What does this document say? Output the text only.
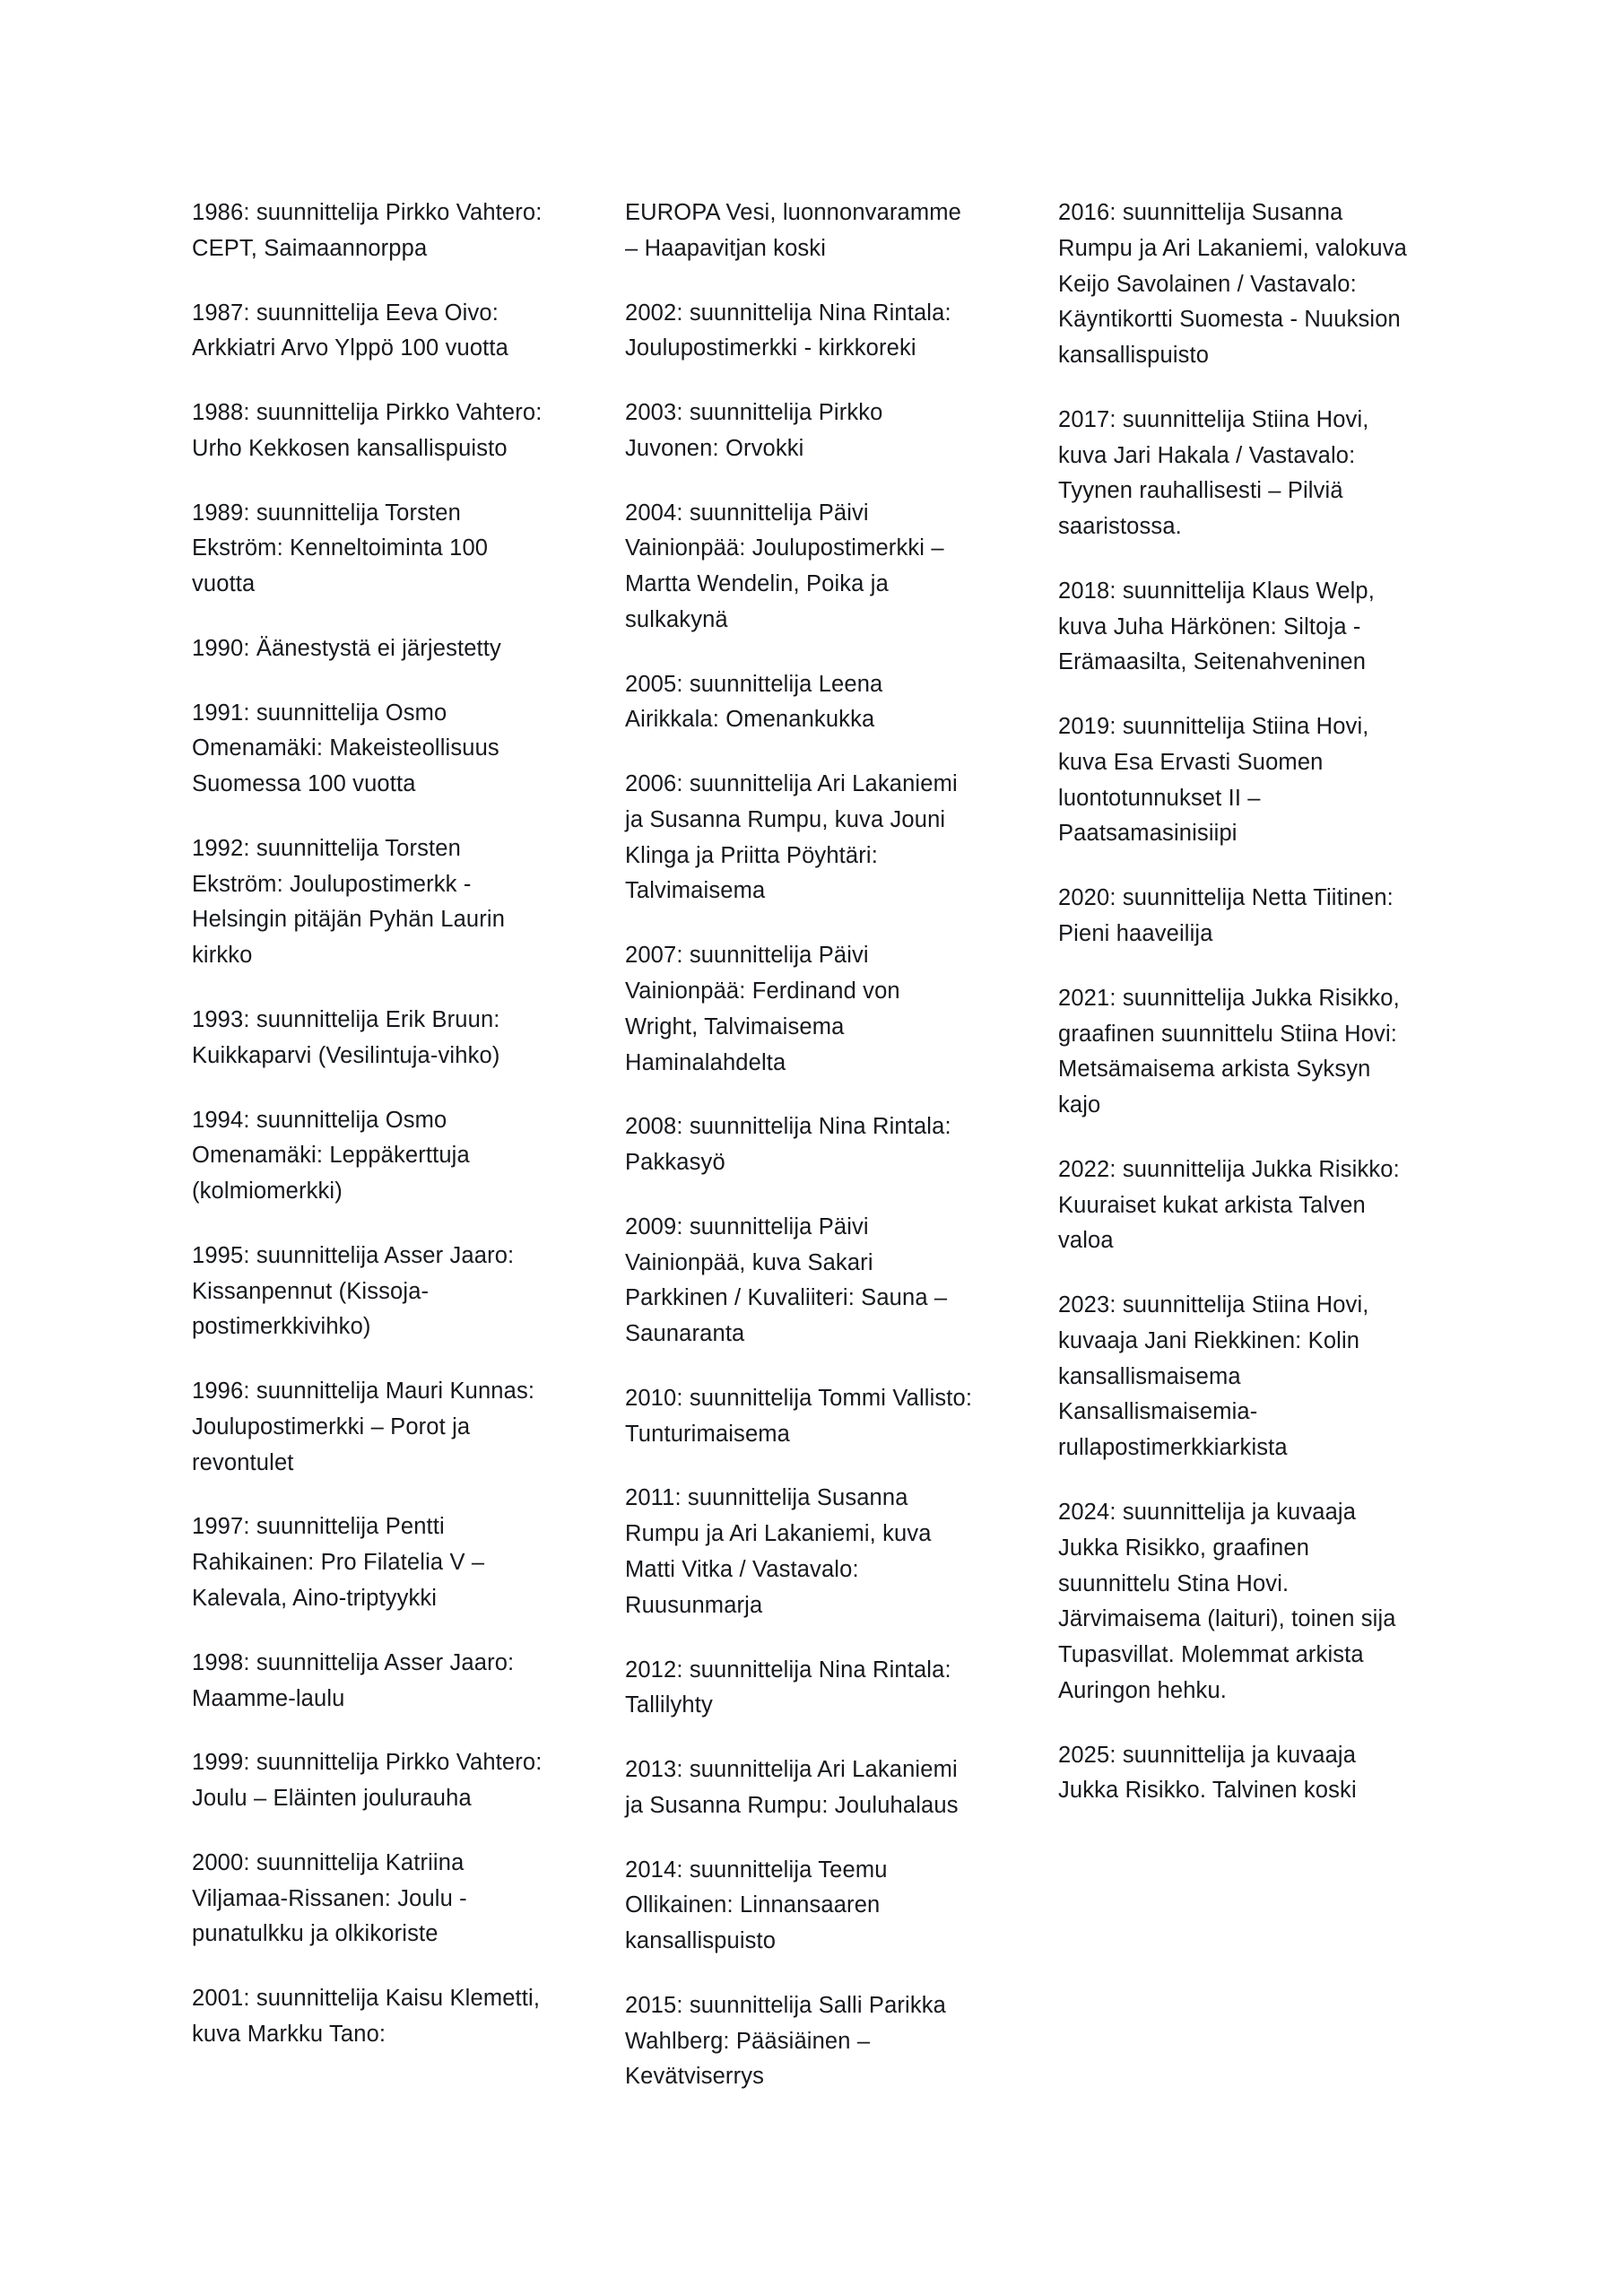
1986: suunnittelija Pirkko Vahtero: CEPT, Saimaannorppa

1987: suunnittelija Eeva Oivo: Arkkiatri Arvo Ylppö 100 vuotta

1988: suunnittelija Pirkko Vahtero: Urho Kekkosen kansallispuisto

1989: suunnittelija Torsten Ekström: Kenneltoiminta 100 vuotta

1990: Äänestystä ei järjestetty

1991: suunnittelija Osmo Omenamäki: Makeisteollisuus Suomessa 100 vuotta

1992: suunnittelija Torsten Ekström: Joulupostimerkk - Helsingin pitäjän Pyhän Laurin kirkko

1993: suunnittelija Erik Bruun: Kuikkaparvi (Vesilintuja-vihko)

1994: suunnittelija Osmo Omenamäki: Leppäkerttuja (kolmiomerkki)

1995: suunnittelija Asser Jaaro: Kissanpennut (Kissoja-postimerkkivihko)

1996: suunnittelija Mauri Kunnas: Joulupostimerkki – Porot ja revontulet

1997: suunnittelija Pentti Rahikainen: Pro Filatelia V – Kalevala, Aino-triptyykki

1998: suunnittelija Asser Jaaro: Maamme-laulu

1999: suunnittelija Pirkko Vahtero: Joulu – Eläinten joulurauha

2000: suunnittelija Katriina Viljamaa-Rissanen: Joulu - punatulkku ja olkikoriste

2001: suunnittelija Kaisu Klemetti, kuva Markku Tano:

EUROPA Vesi, luonnonvaramme – Haapavitjan koski

2002: suunnittelija Nina Rintala: Joulupostimerkki - kirkkoreki

2003: suunnittelija Pirkko Juvonen: Orvokki

2004: suunnittelija Päivi Vainionpää: Joulupostimerkki – Martta Wendelin, Poika ja sulkakynä

2005: suunnittelija Leena Airikkala: Omenankukka

2006: suunnittelija Ari Lakaniemi ja Susanna Rumpu, kuva Jouni Klinga ja Priitta Pöyhtäri: Talvimaisema

2007: suunnittelija Päivi Vainionpää: Ferdinand von Wright, Talvimaisema Haminalahdelta

2008: suunnittelija Nina Rintala: Pakkasyö

2009: suunnittelija Päivi Vainionpää, kuva Sakari Parkkinen / Kuvaliiteri: Sauna – Saunaranta

2010: suunnittelija Tommi Vallisto: Tunturimaisema

2011: suunnittelija Susanna Rumpu ja Ari Lakaniemi, kuva Matti Vitka / Vastavalo: Ruusunmarja

2012: suunnittelija Nina Rintala: Tallilyhty

2013: suunnittelija Ari Lakaniemi ja Susanna Rumpu: Jouluhalaus

2014: suunnittelija Teemu Ollikainen: Linnansaaren kansallispuisto

2015: suunnittelija Salli Parikka Wahlberg: Pääsiäinen – Kevätviserrys

2016: suunnittelija Susanna Rumpu ja Ari Lakaniemi, valokuva Keijo Savolainen / Vastavalo: Käyntikortti Suomesta - Nuuksion kansallispuisto

2017: suunnittelija Stiina Hovi, kuva Jari Hakala / Vastavalo: Tyynen rauhallisesti – Pilviä saaristossa.

2018: suunnittelija Klaus Welp, kuva Juha Härkönen: Siltoja - Erämaasilta, Seitenahveninen

2019: suunnittelija Stiina Hovi, kuva Esa Ervasti Suomen luontotunnukset II – Paatsamasinisiipi

2020: suunnittelija Netta Tiitinen: Pieni haaveilija

2021: suunnittelija Jukka Risikko, graafinen suunnittelu Stiina Hovi: Metsämaisema arkista Syksyn kajo

2022: suunnittelija Jukka Risikko: Kuuraiset kukat arkista Talven valoa

2023: suunnittelija Stiina Hovi, kuvaaja Jani Riekkinen: Kolin kansallismaisema Kansallismaisemia-rullapostimerkkiarkista

2024: suunnittelija ja kuvaaja Jukka Risikko, graafinen suunnittelu Stina Hovi. Järvimaisema (laituri), toinen sija Tupasvillat. Molemmat arkista Auringon hehku.

2025: suunnittelija ja kuvaaja Jukka Risikko. Talvinen koski
